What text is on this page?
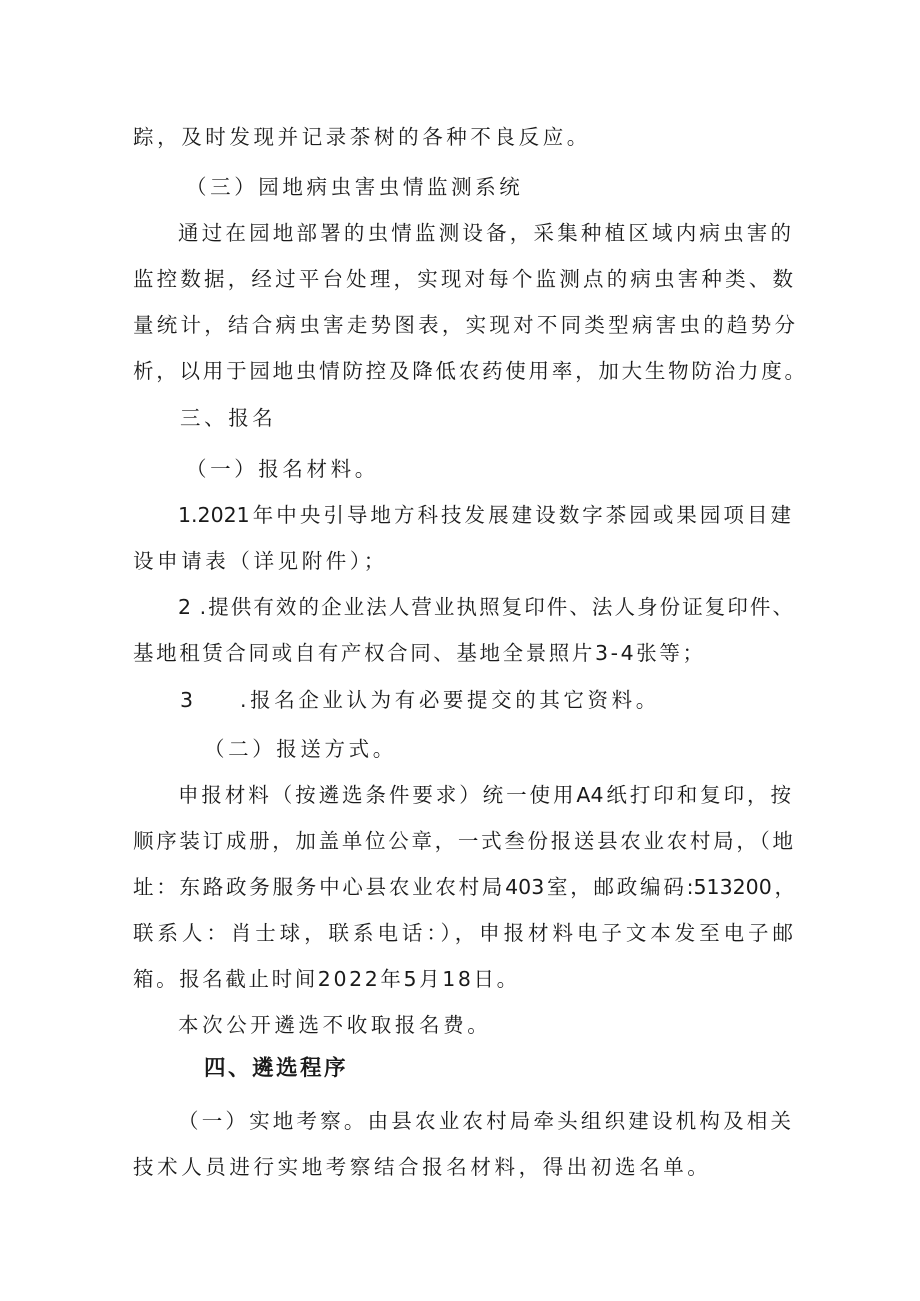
踪，及时发现并记录茶树的各种不良反应。
（三）园地病虫害虫情监测系统
通过在园地部署的虫情监测设备，采集种植区域内病虫害的
监控数据，经过平台处理，实现对每个监测点的病虫害种类、数
量统计，结合病虫害走势图表，实现对不同类型病害虫的趋势分
析，以用于园地虫情防控及降低农药使用率，加大生物防治力度。
三、报名
（一）报名材料。
1.2021年中央引导地方科技发展建设数字茶园或果园项目建
设申请表（详见附件）；
2 .提供有效的企业法人营业执照复印件、法人身份证复印件、
基地租赁合同或自有产权合同、基地全景照片3-4张等；
3 .报名企业认为有必要提交的其它资料。
（二）报送方式。
申报材料（按遴选条件要求）统一使用A4纸打印和复印，按
顺序装订成册，加盖单位公章，一式叁份报送县农业农村局，（地
址：东路政务服务中心县农业农村局403室，邮政编码:513200，
联系人：肖士球，联系电话：），申报材料电子文本发至电子邮
箱。报名截止时间2022年5月18日。
本次公开遴选不收取报名费。
四、遴选程序
（一）实地考察。由县农业农村局牵头组织建设机构及相关
技术人员进行实地考察结合报名材料，得出初选名单。
